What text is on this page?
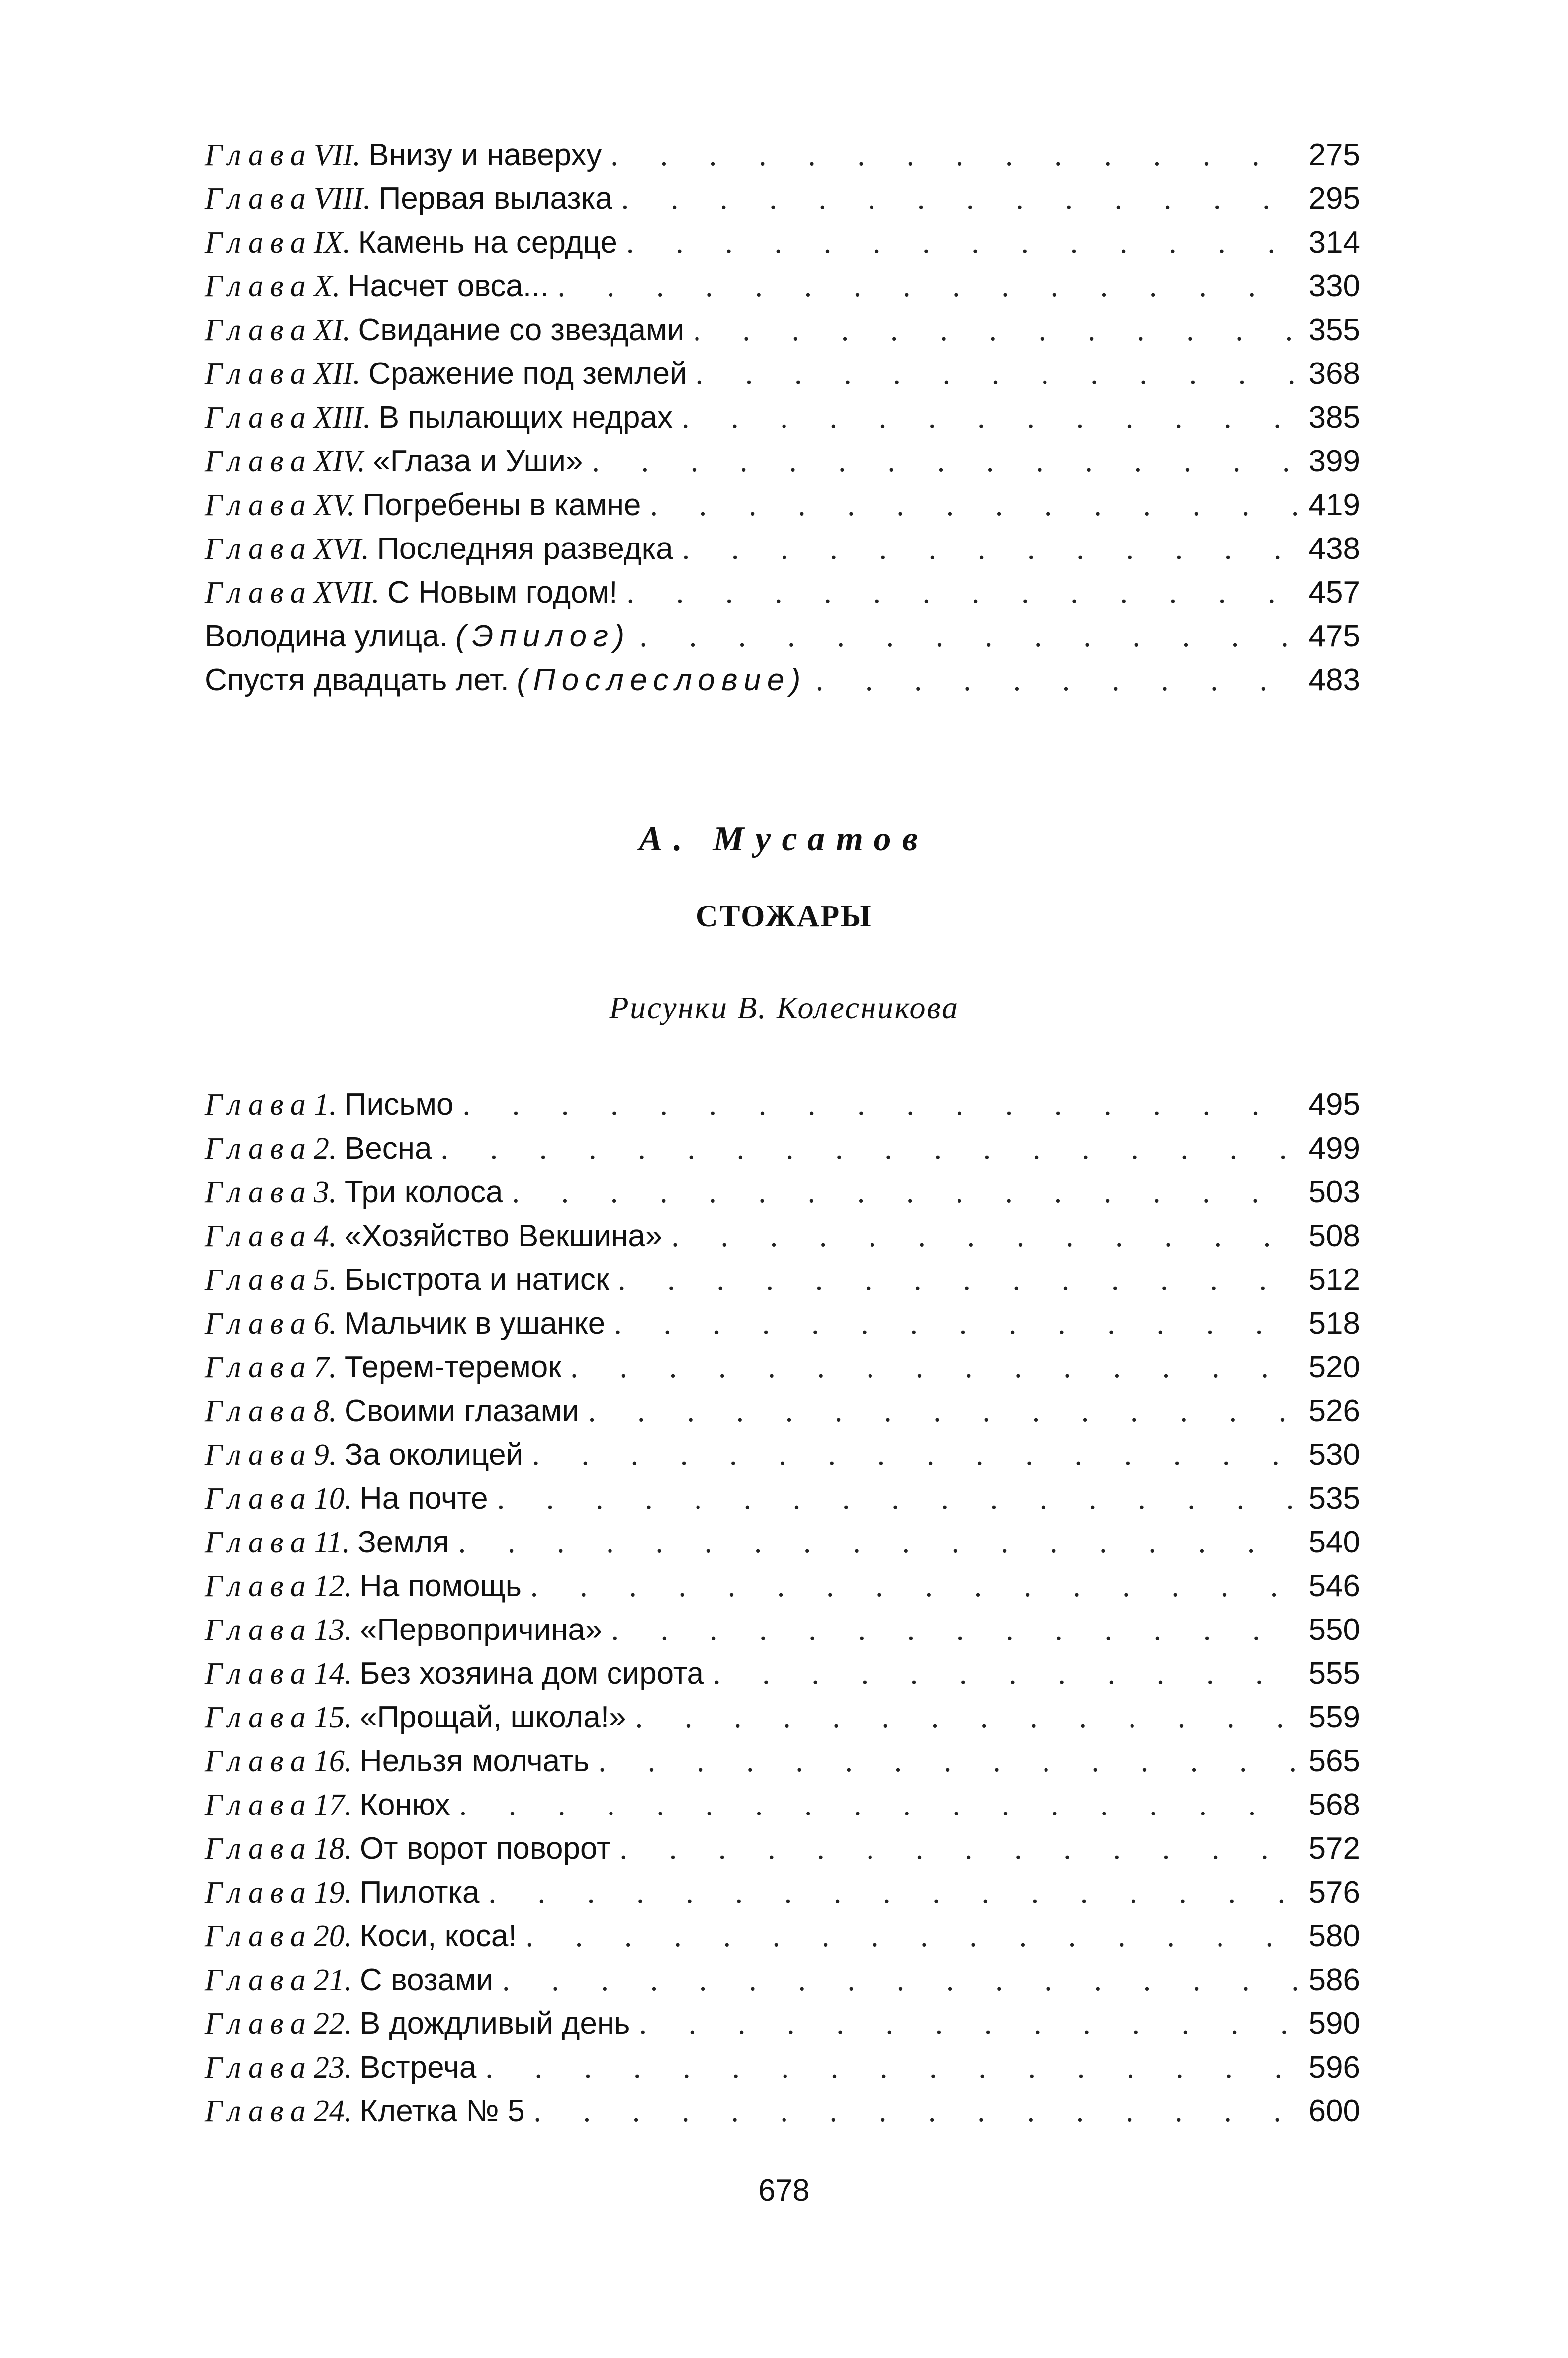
ГлаваVII. Внизу и наверху . . .	275
ГлаваVIII. Первая вылазка . . .	295
ГлаваIX. Камень на сердце . . .	314
ГлаваX. Насчет овса... . . .	330
ГлаваXI. Свидание со звездами . . .	355
ГлаваXII. Сражение под землей . . .	368
ГлаваXIII. В пылающих недрах . . .	385
ГлаваXIV. «Глаза и Уши» . . .	399
ГлаваXV. Погребены в камне . . .	419
ГлаваXVI. Последняя разведка . . .	438
ГлаваXVII. С Новым годом! . . .	457
Володина улица. (Эпилог) . . .	475
Спустя двадцать лет. (Послесловие) . . .	483
А. Мусатов
СТОЖАРЫ
Рисунки В. Колесникова
Глава1. Письмо . . .	495
Глава2. Весна . . .	499
Глава3. Три колоса . . .	503
Глава4. «Хозяйство Векшина» . . .	508
Глава5. Быстрота и натиск . . .	512
Глава6. Мальчик в ушанке . . .	518
Глава7. Терем-теремок . . .	520
Глава8. Своими глазами . . .	526
Глава9. За околицей . . .	530
Глава10. На почте . . .	535
Глава11. Земля . . .	540
Глава12. На помощь . . .	546
Глава13. «Первопричина» . . .	550
Глава14. Без хозяина дом сирота . . .	555
Глава15. «Прощай, школа!» . . .	559
Глава16. Нельзя молчать . . .	565
Глава17. Конюх . . .	568
Глава18. От ворот поворот . . .	572
Глава19. Пилотка . . .	576
Глава20. Коси, коса! . . .	580
Глава21. С возами . . .	586
Глава22. В дождливый день . . .	590
Глава23. Встреча . . .	596
Глава24. Клетка № 5 . . .	600
678
